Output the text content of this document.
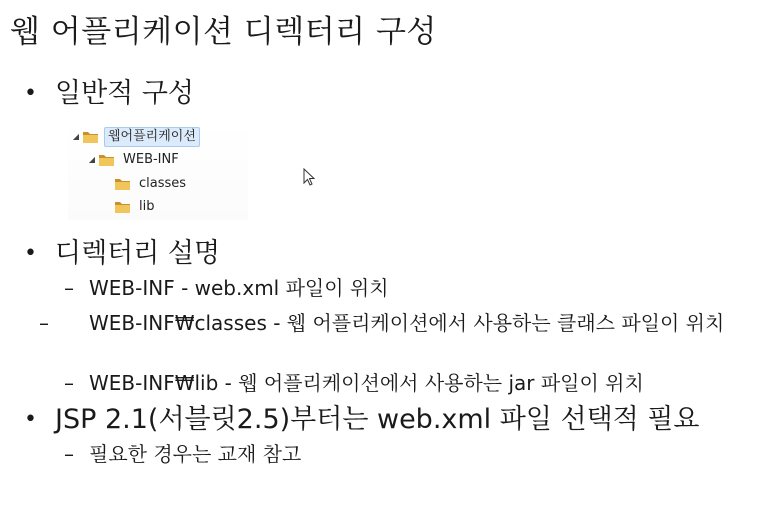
웹 어플리케이션 디렉터리 구성
• 일반적 구성
◢	웹어플리케이션
◢ WEB-INF
classes
lib
• 디렉터리 설명
– WEB-INF - web.xml 파일이 위치
– WEB-INF₩classes - 웹 어플리케이션에서 사용하는 클래스 파일이 위치
– WEB-INF₩lib - 웹 어플리케이션에서 사용하는 jar 파일이 위치
• JSP 2.1(서블릿2.5)부터는 web.xml 파일 선택적 필요
– 필요한 경우는 교재 참고
